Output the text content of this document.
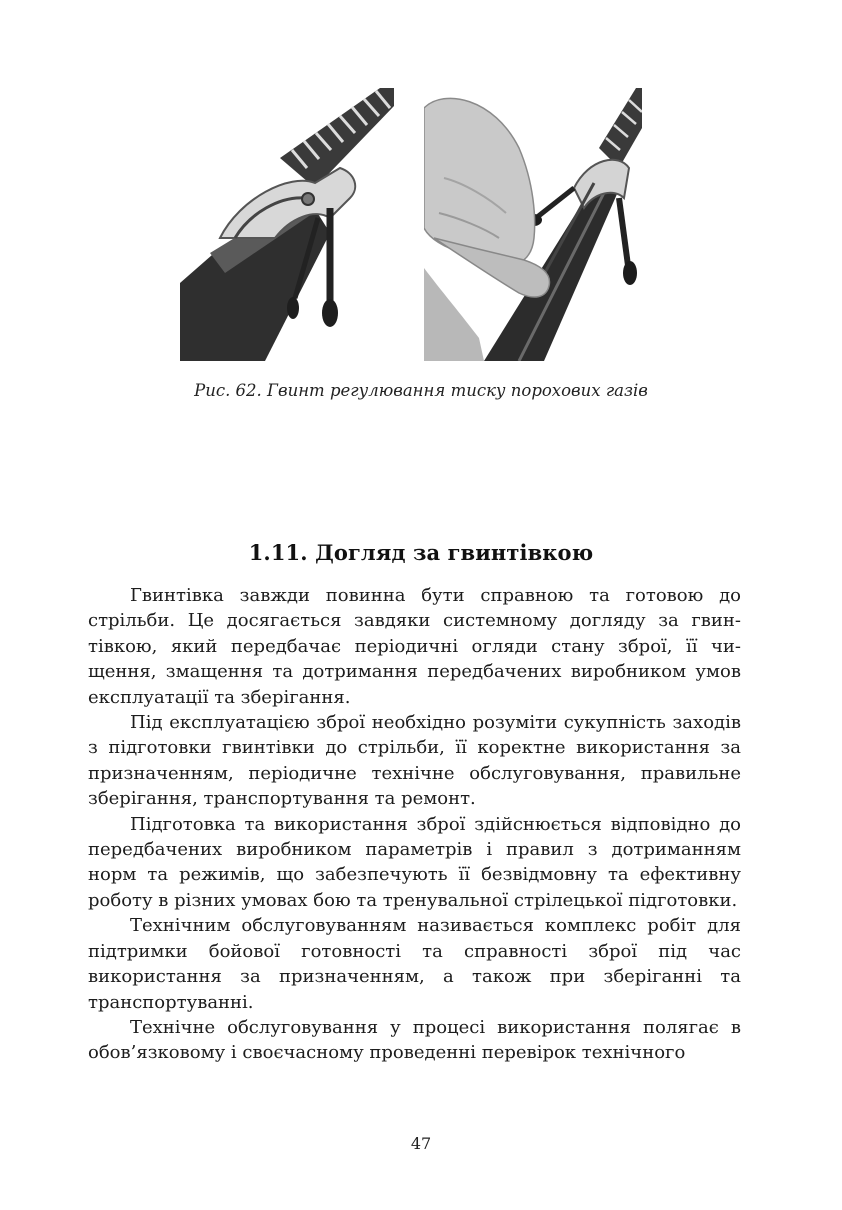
Рис. 62. Гвинт регулювання тиску порохових газів

1.11. Догляд за гвинтівкою

Гвинтівка завжди повинна бути справною та готовою до стрільби. Це досягається завдяки системному догляду за гвинтівкою, який передбачає періодичні огляди стану зброї, її чищення, змащення та дотримання передбачених виробником умов експлуатації та зберігання.

Під експлуатацією зброї необхідно розуміти сукупність заходів з підготовки гвинтівки до стрільби, її коректне використання за призначенням, періодичне технічне обслуговування, правильне зберігання, транспортування та ремонт.

Підготовка та використання зброї здійснюється відповідно до передбачених виробником параметрів і правил з дотриманням норм та режимів, що забезпечують її безвідмовну та ефективну роботу в різних умовах бою та тренувальної стрілецької підготовки.

Технічним обслуговуванням називається комплекс робіт для підтримки бойової готовності та справності зброї під час використання за призначенням, а також при зберіганні та транспортуванні.

Технічне обслуговування у процесі використання полягає в обов’язковому і своєчасному проведенні перевірок технічного

47
